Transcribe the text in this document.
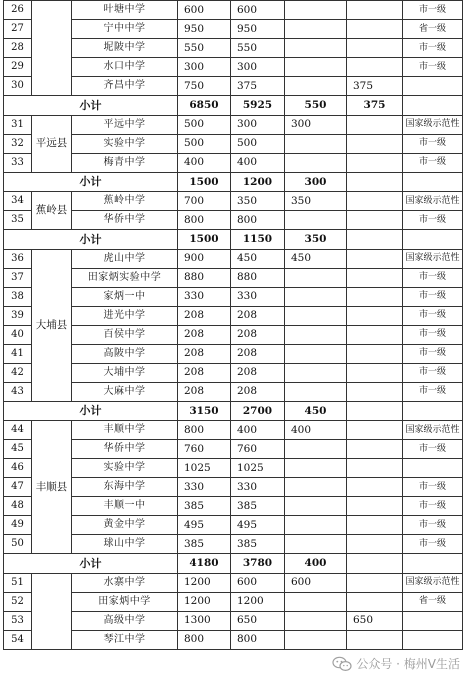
26		叶塘中学	600	600			市一级
27		宁中中学	950	950			省一级
28		坭陂中学	550	550			市一级
29		水口中学	300	300			市一级
30		齐昌中学	750	375		375	
小计			6850	5925	550	375	
31	平远县	平远中学	500	300	300		国家级示范性
32		实验中学	500	500			市一级
33		梅青中学	400	400			市一级
小计			1500	1200	300		
34	蕉岭县	蕉岭中学	700	350	350		国家级示范性
35		华侨中学	800	800			市一级
小计			1500	1150	350		
36	大埔县	虎山中学	900	450	450		国家级示范性
37		田家炳实验中学	880	880			市一级
38		家炳一中	330	330			市一级
39		进光中学	208	208			市一级
40		百侯中学	208	208			市一级
41		高陂中学	208	208			市一级
42		大埔中学	208	208			市一级
43		大麻中学	208	208			市一级
小计			3150	2700	450		
44	丰顺县	丰顺中学	800	400	400		国家级示范性
45		华侨中学	760	760			市一级
46		实验中学	1025	1025			
47		东海中学	330	330			市一级
48		丰顺一中	385	385			市一级
49		黄金中学	495	495			市一级
50		球山中学	385	385			市一级
小计			4180	3780	400		
51		水寨中学	1200	600	600		国家级示范性
52		田家炳中学	1200	1200			省一级
53		高级中学	1300	650		650	
54		琴江中学	800	800			
公众号 · 梅州V生活
